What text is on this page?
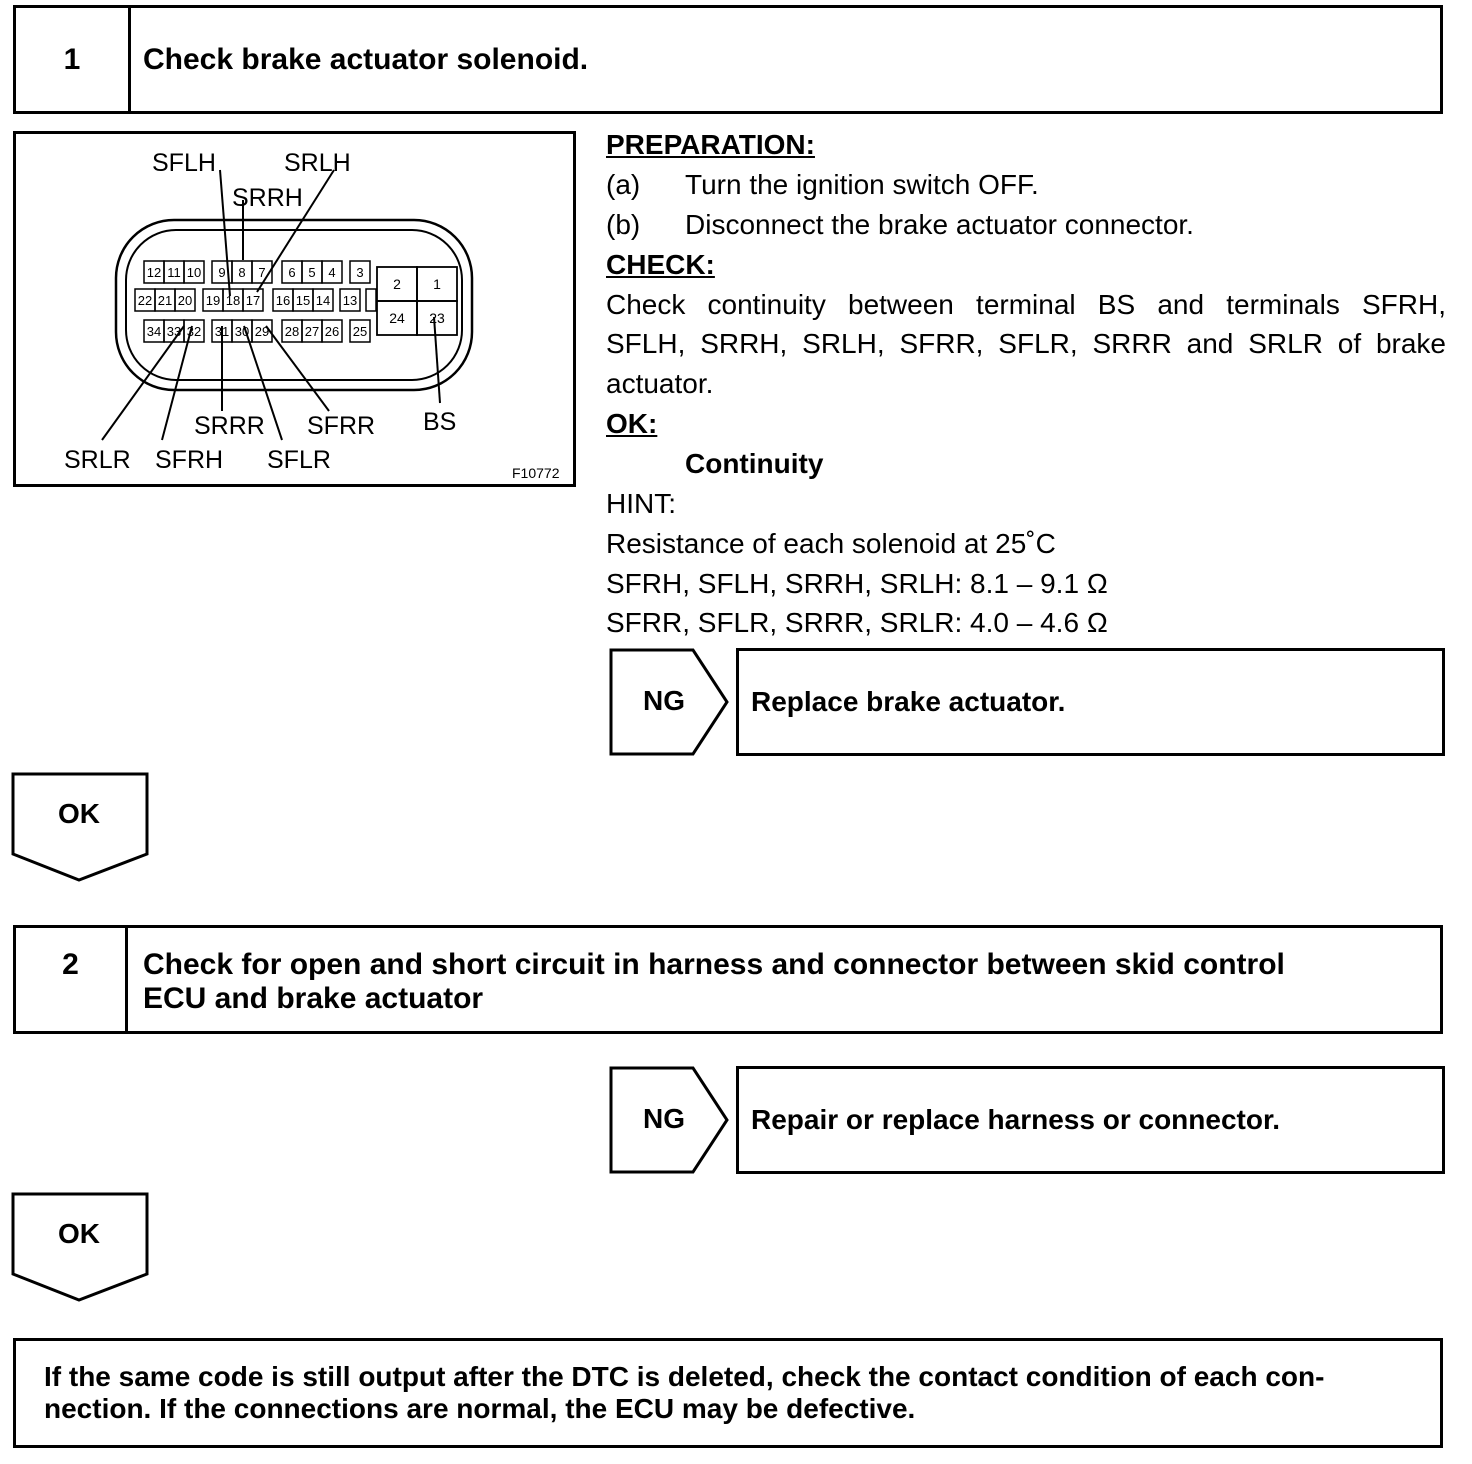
1	Check brake actuator solenoid.
12 11 10 9 8 7 6 5 4 3
22 21 20 19 18 17 16 15 14 13
34 33 32 31 30 29 28 27 26 25
2 1
24 23
SFLH	SRLH
SRRH
SRRR SFRR BS
SRLR SFRH SFLR	F10772
PREPARATION:
(a) Turn the ignition switch OFF.
(b) Disconnect the brake actuator connector.
CHECK:
Check continuity between terminal BS and terminals SFRH,
SFLH, SRRH, SRLH, SFRR, SFLR, SRRR and SRLR of brake
actuator.
OK:
Continuity
HINT:
Resistance of each solenoid at 25˚C
SFRH, SFLH, SRRH, SRLH: 8.1 – 9.1 Ω
SFRR, SFLR, SRRR, SRLR: 4.0 – 4.6 Ω
NG	Replace brake actuator.
OK
2 Check for open and short circuit in harness and connector between skid control
ECU and brake actuator
NG	Repair or replace harness or connector.
OK
If the same code is still output after the DTC is deleted, check the contact condition of each con-
nection. If the connections are normal, the ECU may be defective.
